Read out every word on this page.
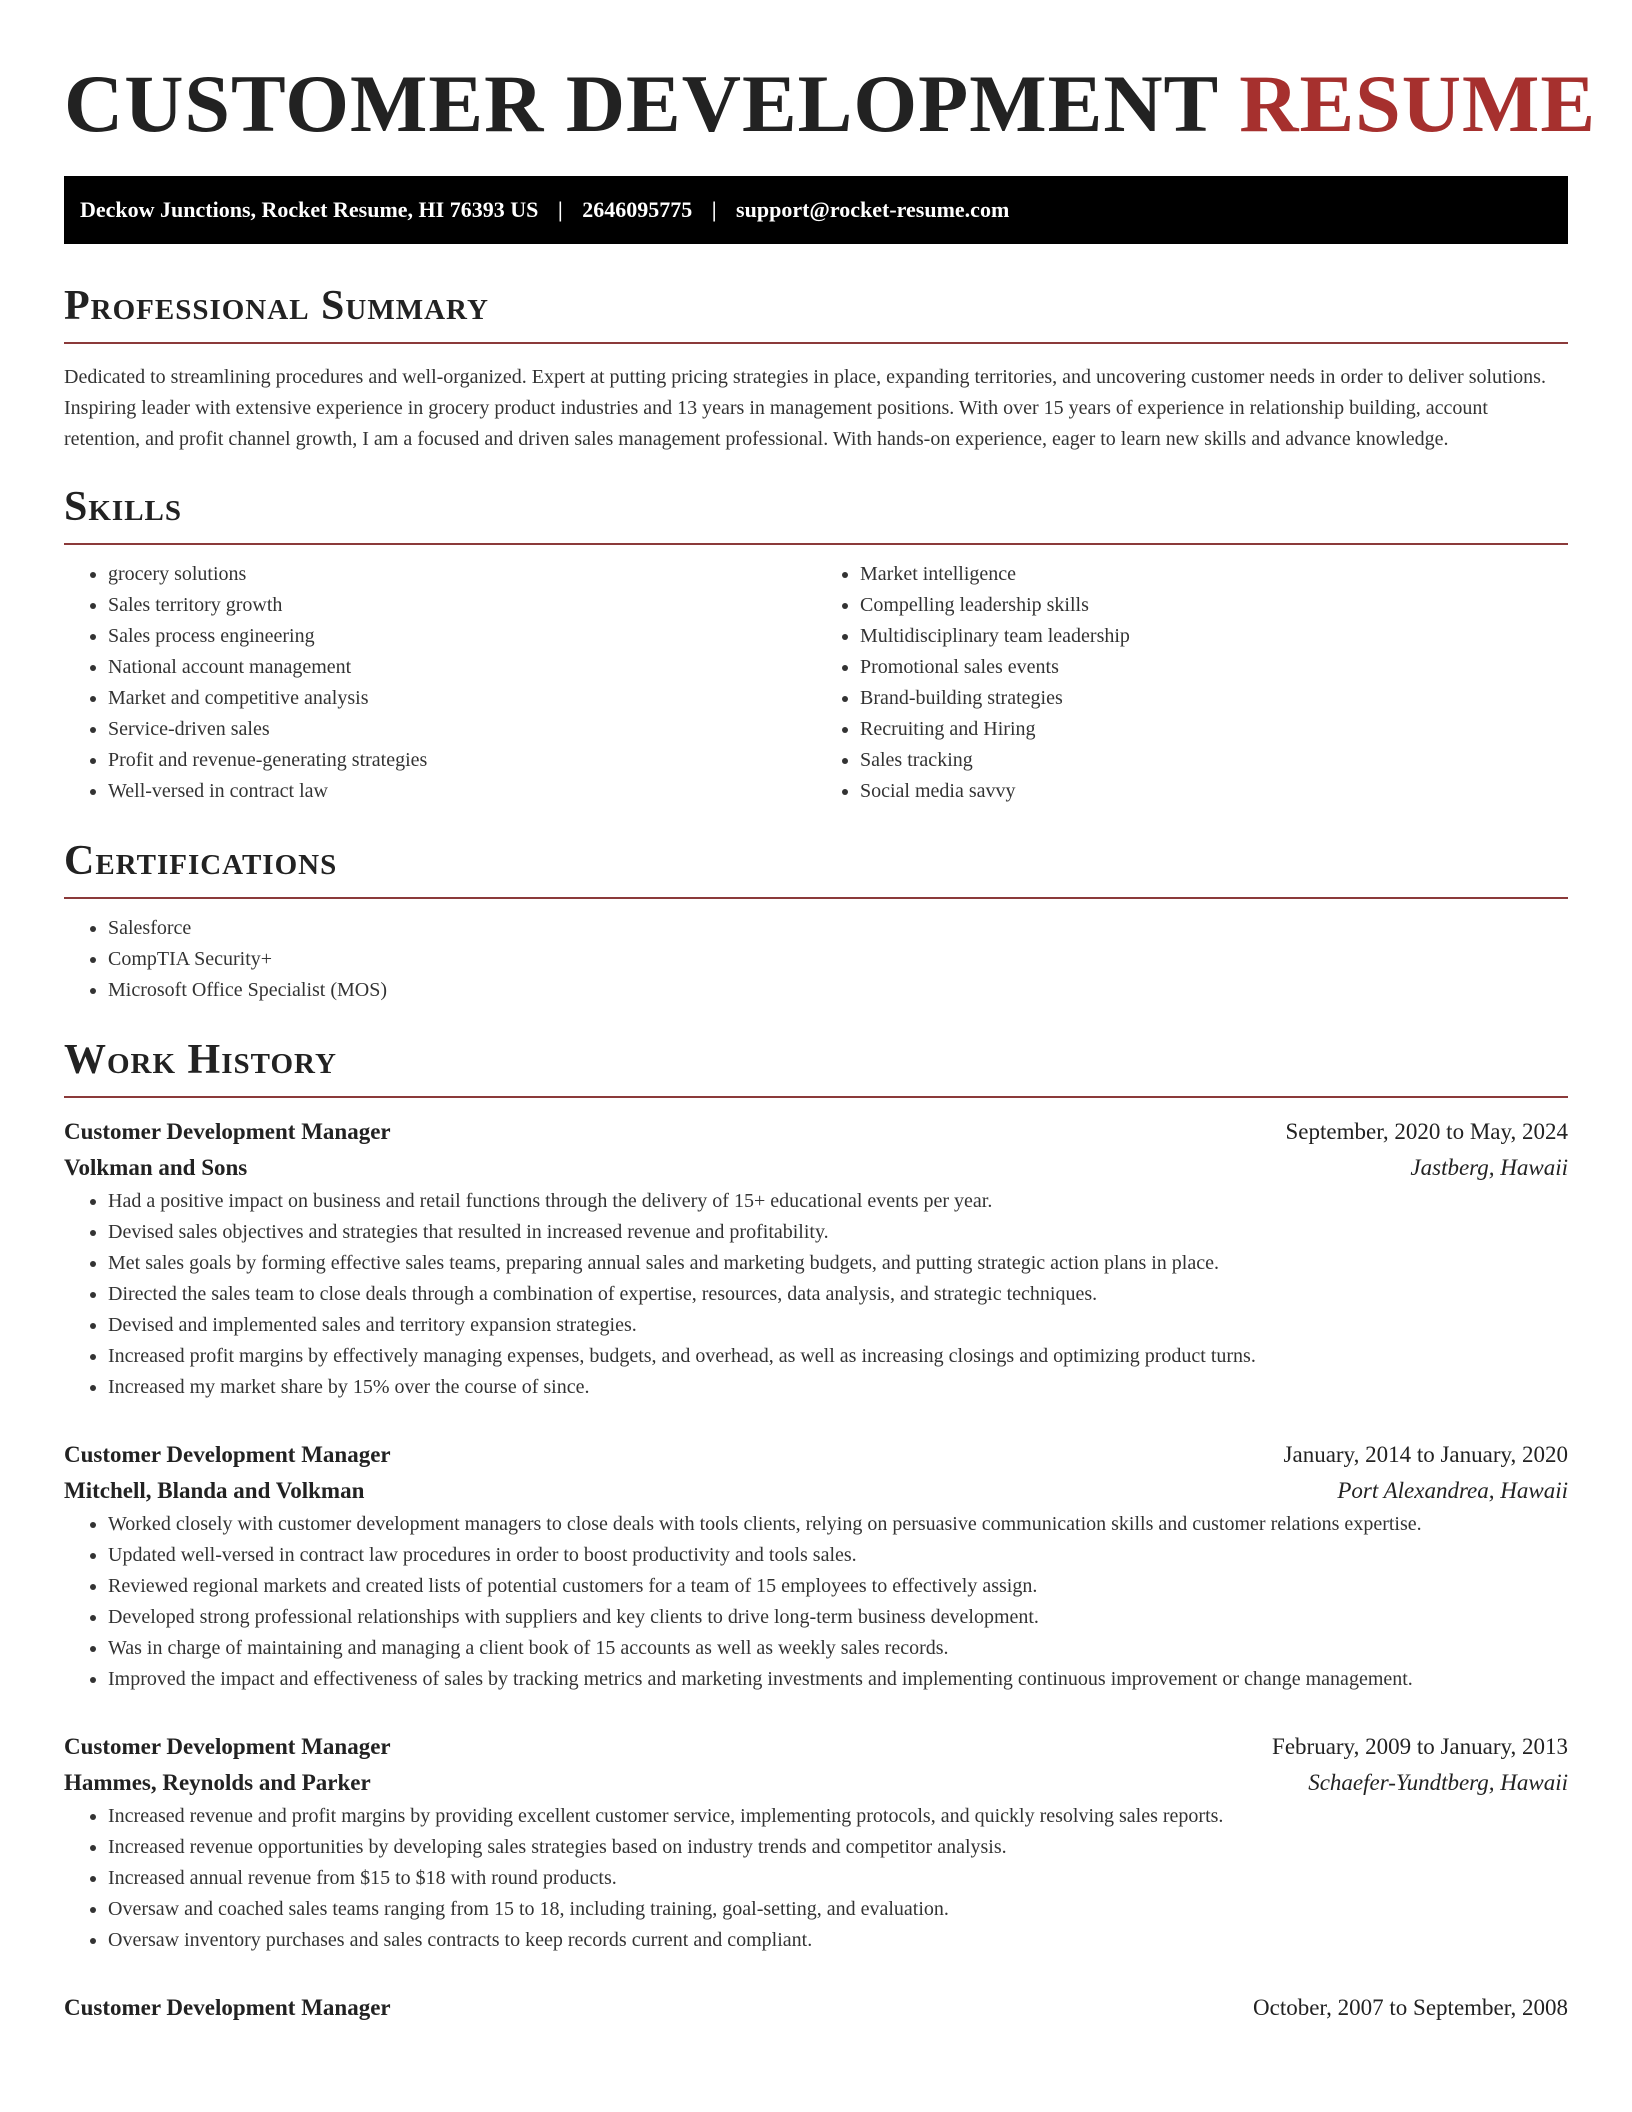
CUSTOMER DEVELOPMENT RESUME
Deckow Junctions, Rocket Resume, HI 76393 US | 2646095775 | support@rocket-resume.com
Professional Summary

Dedicated to streamlining procedures and well-organized. Expert at putting pricing strategies in place, expanding territories, and uncovering customer needs in order to deliver solutions. Inspiring leader with extensive experience in grocery product industries and 13 years in management positions. With over 15 years of experience in relationship building, account retention, and profit channel growth, I am a focused and driven sales management professional. With hands-on experience, eager to learn new skills and advance knowledge.

Skills
• grocery solutions
• Sales territory growth
• Sales process engineering
• National account management
• Market and competitive analysis
• Service-driven sales
• Profit and revenue-generating strategies
• Well-versed in contract law
• Market intelligence
• Compelling leadership skills
• Multidisciplinary team leadership
• Promotional sales events
• Brand-building strategies
• Recruiting and Hiring
• Sales tracking
• Social media savvy
Certifications
• Salesforce
• CompTIA Security+
• Microsoft Office Specialist (MOS)
Work History
Customer Development Manager	September, 2020 to May, 2024
Volkman and Sons	Jastberg, Hawaii
• Had a positive impact on business and retail functions through the delivery of 15+ educational events per year.
• Devised sales objectives and strategies that resulted in increased revenue and profitability.
• Met sales goals by forming effective sales teams, preparing annual sales and marketing budgets, and putting strategic action plans in place.
• Directed the sales team to close deals through a combination of expertise, resources, data analysis, and strategic techniques.
• Devised and implemented sales and territory expansion strategies.
• Increased profit margins by effectively managing expenses, budgets, and overhead, as well as increasing closings and optimizing product turns.
• Increased my market share by 15% over the course of since.
Customer Development Manager	January, 2014 to January, 2020
Mitchell, Blanda and Volkman	Port Alexandrea, Hawaii
• Worked closely with customer development managers to close deals with tools clients, relying on persuasive communication skills and customer relations expertise.
• Updated well-versed in contract law procedures in order to boost productivity and tools sales.
• Reviewed regional markets and created lists of potential customers for a team of 15 employees to effectively assign.
• Developed strong professional relationships with suppliers and key clients to drive long-term business development.
• Was in charge of maintaining and managing a client book of 15 accounts as well as weekly sales records.
• Improved the impact and effectiveness of sales by tracking metrics and marketing investments and implementing continuous improvement or change management.
Customer Development Manager	February, 2009 to January, 2013
Hammes, Reynolds and Parker	Schaefer-Yundtberg, Hawaii
• Increased revenue and profit margins by providing excellent customer service, implementing protocols, and quickly resolving sales reports.
• Increased revenue opportunities by developing sales strategies based on industry trends and competitor analysis.
• Increased annual revenue from $15 to $18 with round products.
• Oversaw and coached sales teams ranging from 15 to 18, including training, goal-setting, and evaluation.
• Oversaw inventory purchases and sales contracts to keep records current and compliant.
Customer Development Manager	October, 2007 to September, 2008
